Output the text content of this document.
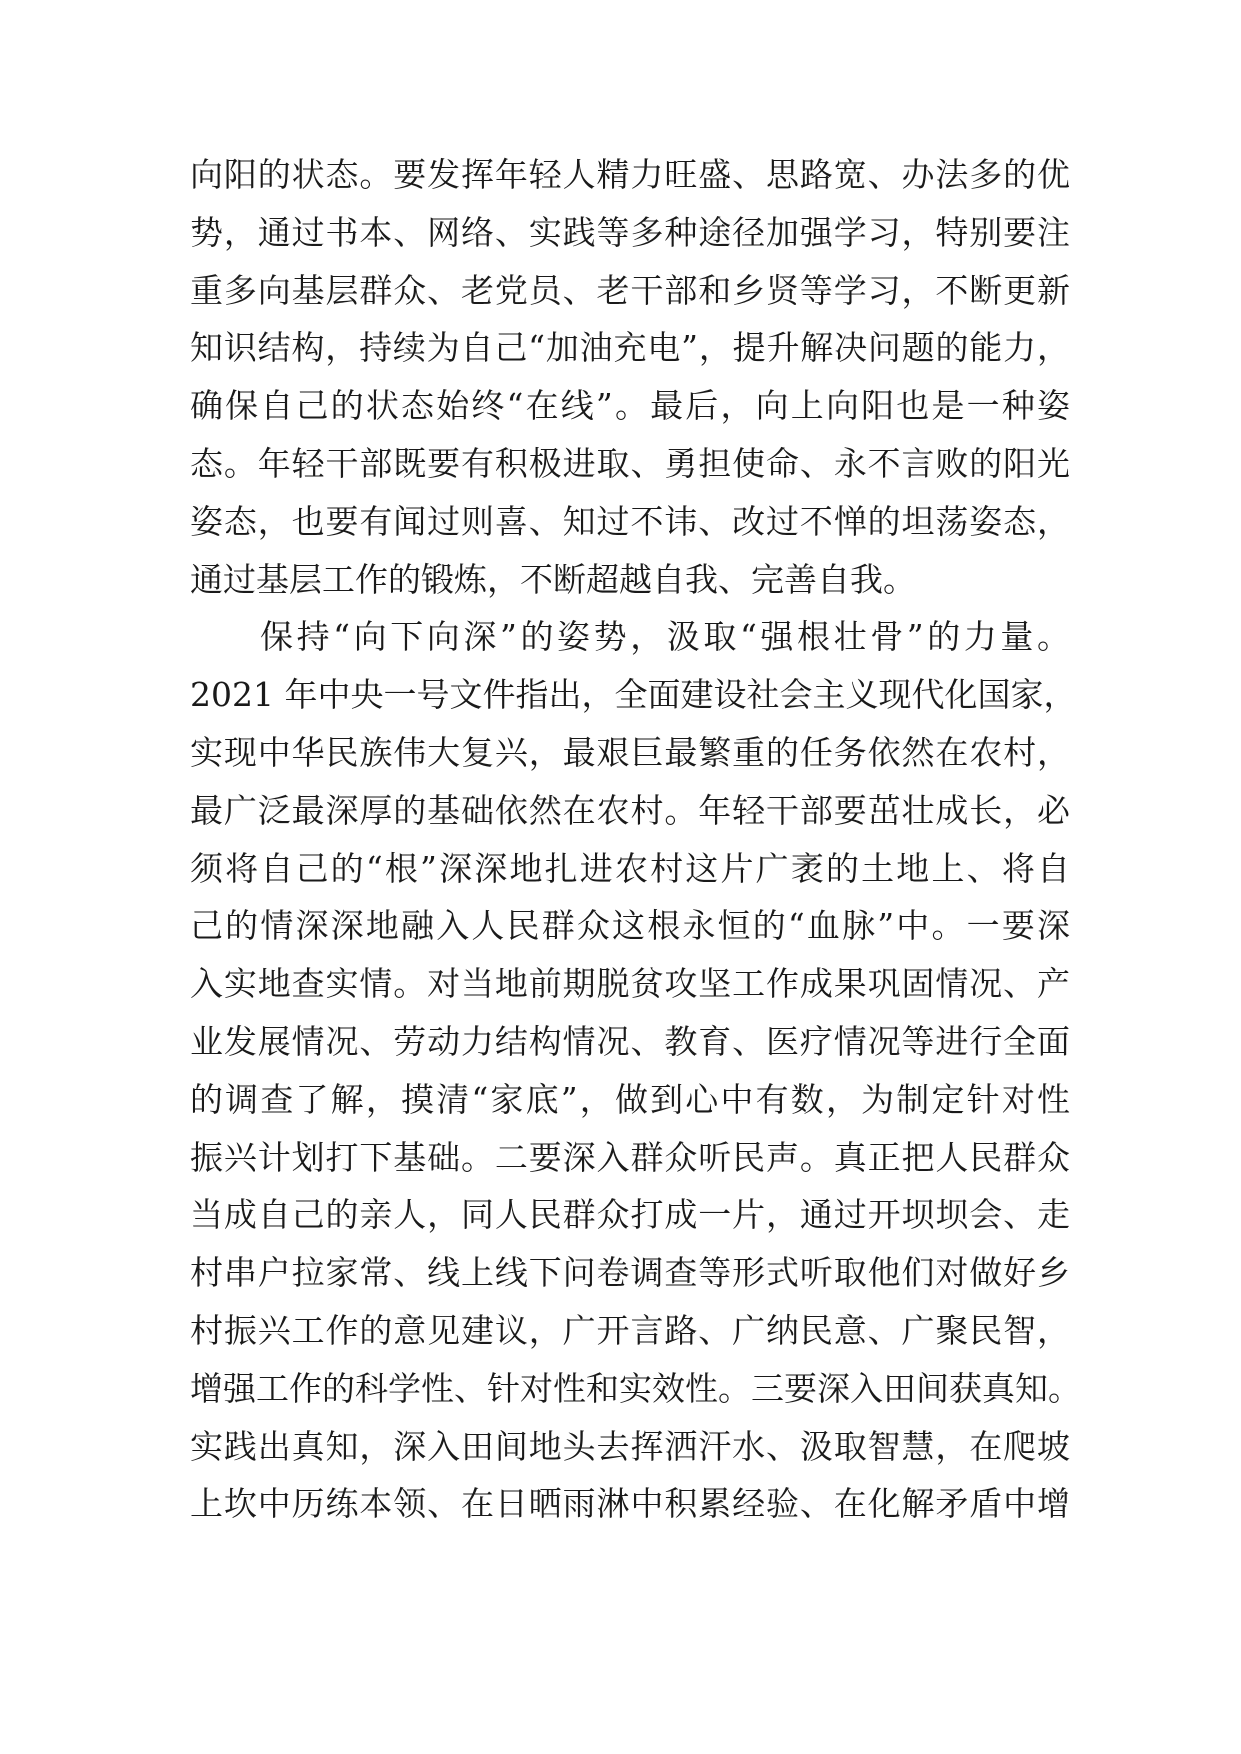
向阳的状态。要发挥年轻人精力旺盛、思路宽、办法多的优
势，通过书本、网络、实践等多种途径加强学习，特别要注
重多向基层群众、老党员、老干部和乡贤等学习，不断更新
知识结构，持续为自己“加油充电”，提升解决问题的能力，
确保自己的状态始终“在线”。最后，向上向阳也是一种姿
态。年轻干部既要有积极进取、勇担使命、永不言败的阳光
姿态，也要有闻过则喜、知过不讳、改过不惮的坦荡姿态，
通过基层工作的锻炼，不断超越自我、完善自我。
保持“向下向深”的姿势，汲取“强根壮骨”的力量。
2021 年中央一号文件指出，全面建设社会主义现代化国家，
实现中华民族伟大复兴，最艰巨最繁重的任务依然在农村，
最广泛最深厚的基础依然在农村。年轻干部要茁壮成长，必
须将自己的“根”深深地扎进农村这片广袤的土地上、将自
己的情深深地融入人民群众这根永恒的“血脉”中。一要深
入实地查实情。对当地前期脱贫攻坚工作成果巩固情况、产
业发展情况、劳动力结构情况、教育、医疗情况等进行全面
的调查了解，摸清“家底”，做到心中有数，为制定针对性
振兴计划打下基础。二要深入群众听民声。真正把人民群众
当成自己的亲人，同人民群众打成一片，通过开坝坝会、走
村串户拉家常、线上线下问卷调查等形式听取他们对做好乡
村振兴工作的意见建议，广开言路、广纳民意、广聚民智，
增强工作的科学性、针对性和实效性。三要深入田间获真知。
实践出真知，深入田间地头去挥洒汗水、汲取智慧，在爬坡
上坎中历练本领、在日晒雨淋中积累经验、在化解矛盾中增
